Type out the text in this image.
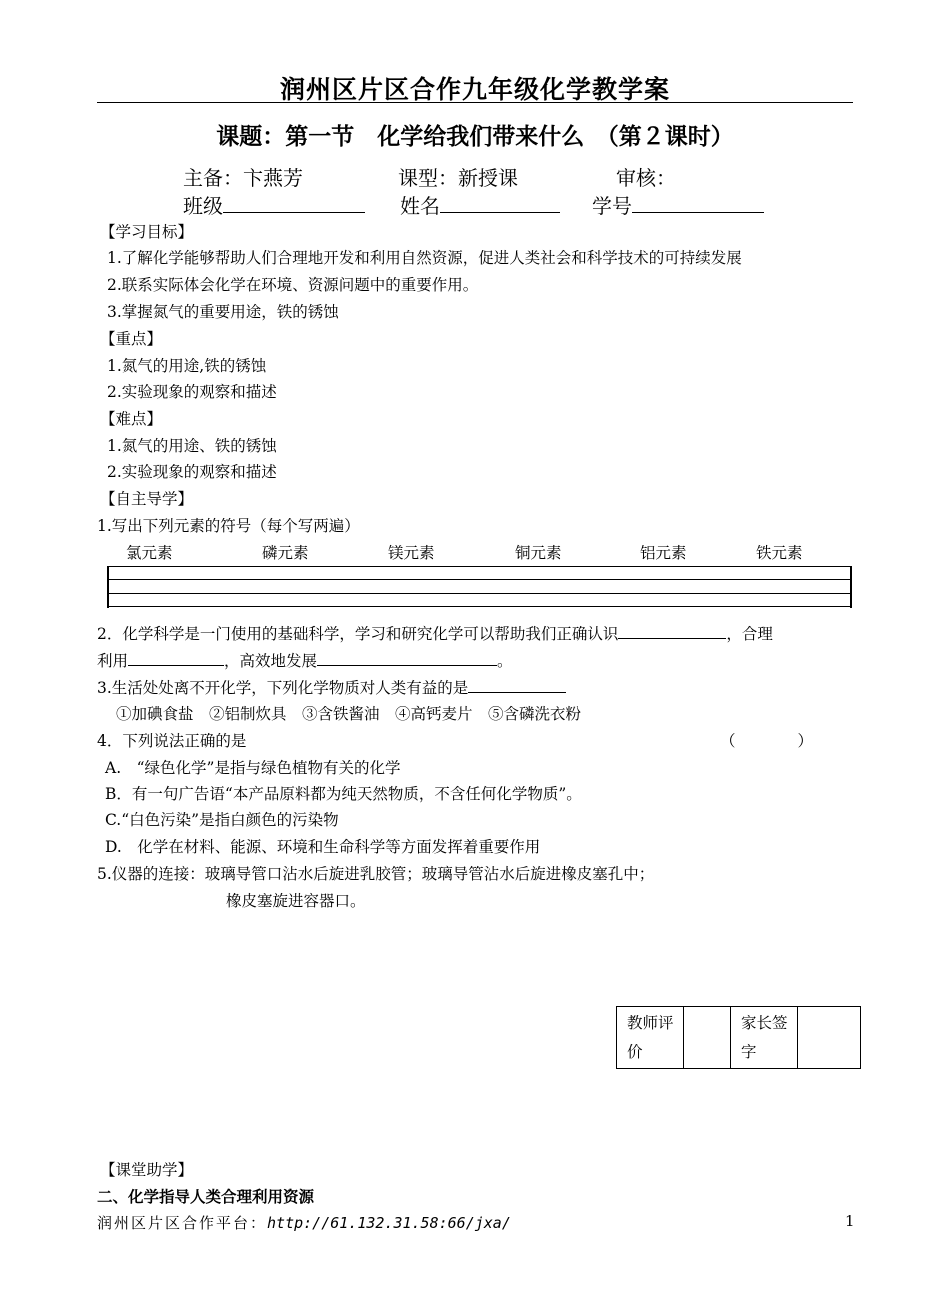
润州区片区合作九年级化学教学案
课题：第一节　化学给我们带来什么　（第２课时）
主备：卞燕芳	课型：新授课	审核：
班级	姓名	学号
【学习目标】
1.了解化学能够帮助人们合理地开发和利用自然资源，促进人类社会和科学技术的可持续发展
2.联系实际体会化学在环境、资源问题中的重要作用。
3.掌握氮气的重要用途，铁的锈蚀
【重点】
1.氮气的用途,铁的锈蚀
2.实验现象的观察和描述
【难点】
1.氮气的用途、铁的锈蚀
2.实验现象的观察和描述
【自主导学】
1.写出下列元素的符号（每个写两遍）
氯元素	磷元素	镁元素	铜元素	铝元素	铁元素
2．化学科学是一门使用的基础科学，学习和研究化学可以帮助我们正确认识	，合理
利用	，高效地发展	。
3.生活处处离不开化学，下列化学物质对人类有益的是
①加碘食盐　②铝制炊具　③含铁酱油　④高钙麦片　⑤含磷洗衣粉
4．下列说法正确的是	（　　　　）
A.　“绿色化学”是指与绿色植物有关的化学
B．有一句广告语“本产品原料都为纯天然物质，不含任何化学物质”。
C.“白色污染”是指白颜色的污染物
D.　化学在材料、能源、环境和生命科学等方面发挥着重要作用
5.仪器的连接：玻璃导管口沾水后旋进乳胶管；玻璃导管沾水后旋进橡皮塞孔中；
橡皮塞旋进容器口。
教师评价		家长签字	
【课堂助学】
二、化学指导人类合理利用资源
润州区片区合作平台：http://61.132.31.58:66/jxa/	1
